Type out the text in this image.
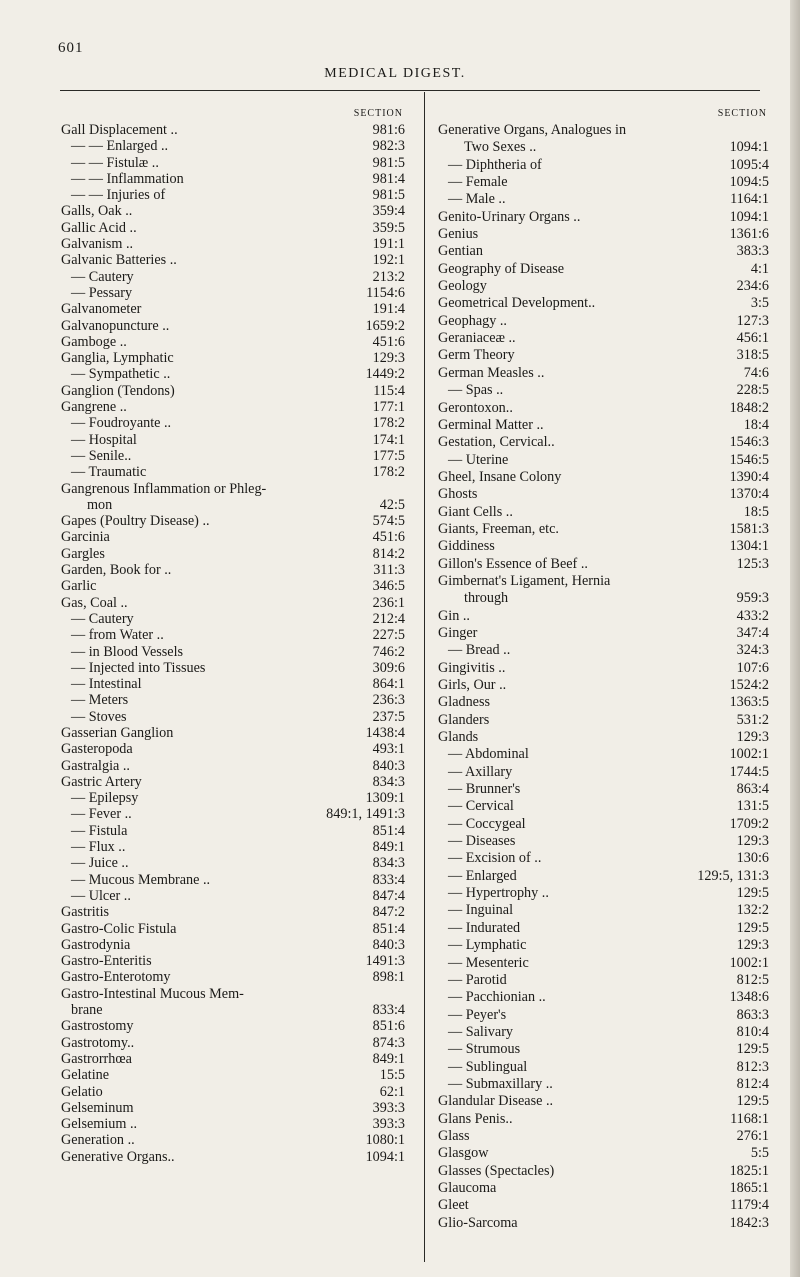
601
MEDICAL DIGEST.
SECTION
Gall Displacement ..	981:6
— — Enlarged ..	982:3
— — Fistulæ ..	981:5
— — Inflammation	981:4
— — Injuries of	981:5
Galls, Oak ..	359:4
Gallic Acid ..	359:5
Galvanism ..	191:1
Galvanic Batteries ..	192:1
— Cautery	213:2
— Pessary	1154:6
Galvanometer	191:4
Galvanopuncture ..	1659:2
Gamboge ..	451:6
Ganglia, Lymphatic	129:3
— Sympathetic ..	1449:2
Ganglion (Tendons)	115:4
Gangrene ..	177:1
— Foudroyante ..	178:2
— Hospital	174:1
— Senile..	177:5
— Traumatic	178:2
Gangrenous Inflammation or Phleg-
mon	42:5
Gapes (Poultry Disease) ..	574:5
Garcinia	451:6
Gargles	814:2
Garden, Book for ..	311:3
Garlic	346:5
Gas, Coal ..	236:1
— Cautery	212:4
— from Water ..	227:5
— in Blood Vessels	746:2
— Injected into Tissues	309:6
— Intestinal	864:1
— Meters	236:3
— Stoves	237:5
Gasserian Ganglion	1438:4
Gasteropoda	493:1
Gastralgia ..	840:3
Gastric Artery	834:3
— Epilepsy	1309:1
— Fever ..	849:1, 1491:3
— Fistula	851:4
— Flux ..	849:1
— Juice ..	834:3
— Mucous Membrane ..	833:4
— Ulcer ..	847:4
Gastritis	847:2
Gastro-Colic Fistula	851:4
Gastrodynia	840:3
Gastro-Enteritis	1491:3
Gastro-Enterotomy	898:1
Gastro-Intestinal Mucous Mem-
brane	833:4
Gastrostomy	851:6
Gastrotomy..	874:3
Gastrorrhœa	849:1
Gelatine	15:5
Gelatio	62:1
Gelseminum	393:3
Gelsemium ..	393:3
Generation ..	1080:1
Generative Organs..	1094:1
SECTION
Generative Organs, Analogues in
Two Sexes ..	1094:1
— Diphtheria of	1095:4
— Female	1094:5
— Male ..	1164:1
Genito-Urinary Organs ..	1094:1
Genius	1361:6
Gentian	383:3
Geography of Disease	4:1
Geology	234:6
Geometrical Development..	3:5
Geophagy ..	127:3
Geraniaceæ ..	456:1
Germ Theory	318:5
German Measles ..	74:6
— Spas ..	228:5
Gerontoxon..	1848:2
Germinal Matter ..	18:4
Gestation, Cervical..	1546:3
— Uterine	1546:5
Gheel, Insane Colony	1390:4
Ghosts	1370:4
Giant Cells ..	18:5
Giants, Freeman, etc.	1581:3
Giddiness	1304:1
Gillon's Essence of Beef ..	125:3
Gimbernat's Ligament, Hernia
through	959:3
Gin ..	433:2
Ginger	347:4
— Bread ..	324:3
Gingivitis ..	107:6
Girls, Our ..	1524:2
Gladness	1363:5
Glanders	531:2
Glands	129:3
— Abdominal	1002:1
— Axillary	1744:5
— Brunner's	863:4
— Cervical	131:5
— Coccygeal	1709:2
— Diseases	129:3
— Excision of ..	130:6
— Enlarged	129:5, 131:3
— Hypertrophy ..	129:5
— Inguinal	132:2
— Indurated	129:5
— Lymphatic	129:3
— Mesenteric	1002:1
— Parotid	812:5
— Pacchionian ..	1348:6
— Peyer's	863:3
— Salivary	810:4
— Strumous	129:5
— Sublingual	812:3
— Submaxillary ..	812:4
Glandular Disease ..	129:5
Glans Penis..	1168:1
Glass	276:1
Glasgow	5:5
Glasses (Spectacles)	1825:1
Glaucoma	1865:1
Gleet	1179:4
Glio-Sarcoma	1842:3
